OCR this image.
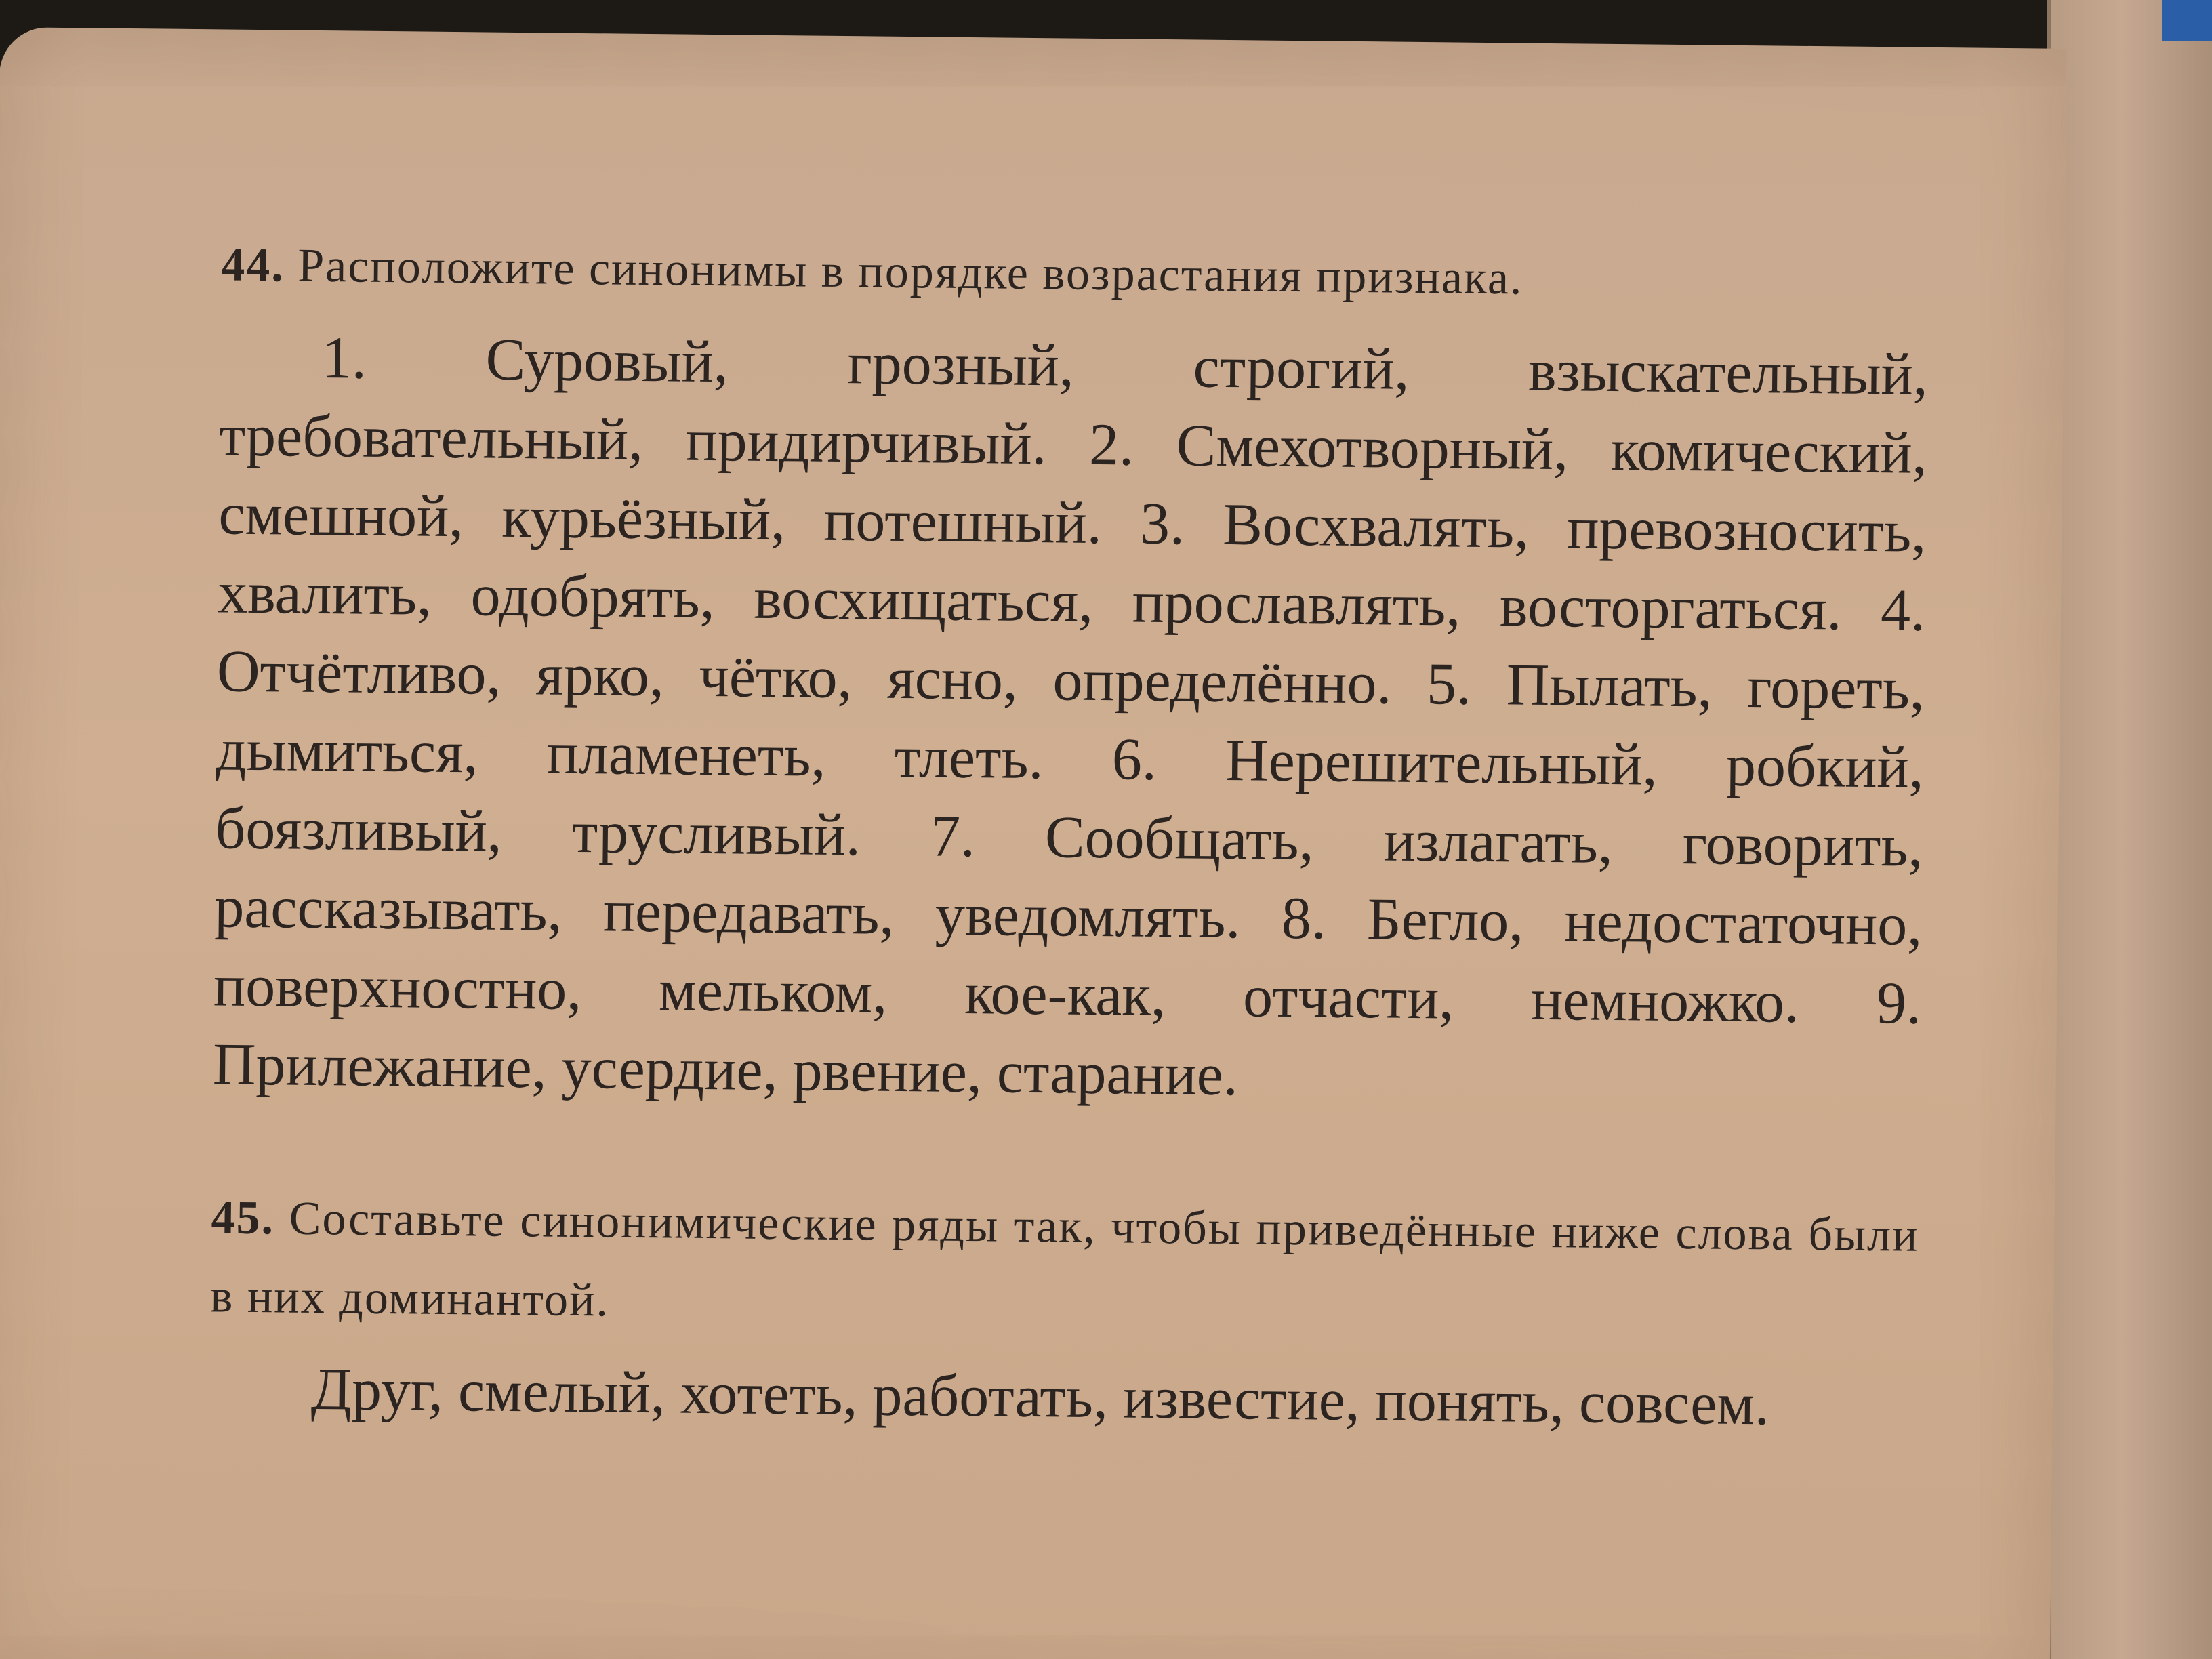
44. Расположите синонимы в порядке возрастания признака.

1. Суровый, грозный, строгий, взыскательный, требовательный, придирчивый. 2. Смехотворный, комический, смешной, курьёзный, потешный. 3. Восхвалять, превозносить, хвалить, одобрять, восхищаться, прославлять, восторгаться. 4. Отчётливо, ярко, чётко, ясно, определённо. 5. Пылать, гореть, дымиться, пламенеть, тлеть. 6. Нерешительный, робкий, боязливый, трусливый. 7. Сообщать, излагать, говорить, рассказывать, передавать, уведомлять. 8. Бегло, недостаточно, поверхностно, мельком, кое-как, отчасти, немножко. 9. Прилежание, усердие, рвение, старание.

45. Составьте синонимические ряды так, чтобы приведённые ниже слова были в них доминантой.

Друг, смелый, хотеть, работать, известие, понять, совсем.
